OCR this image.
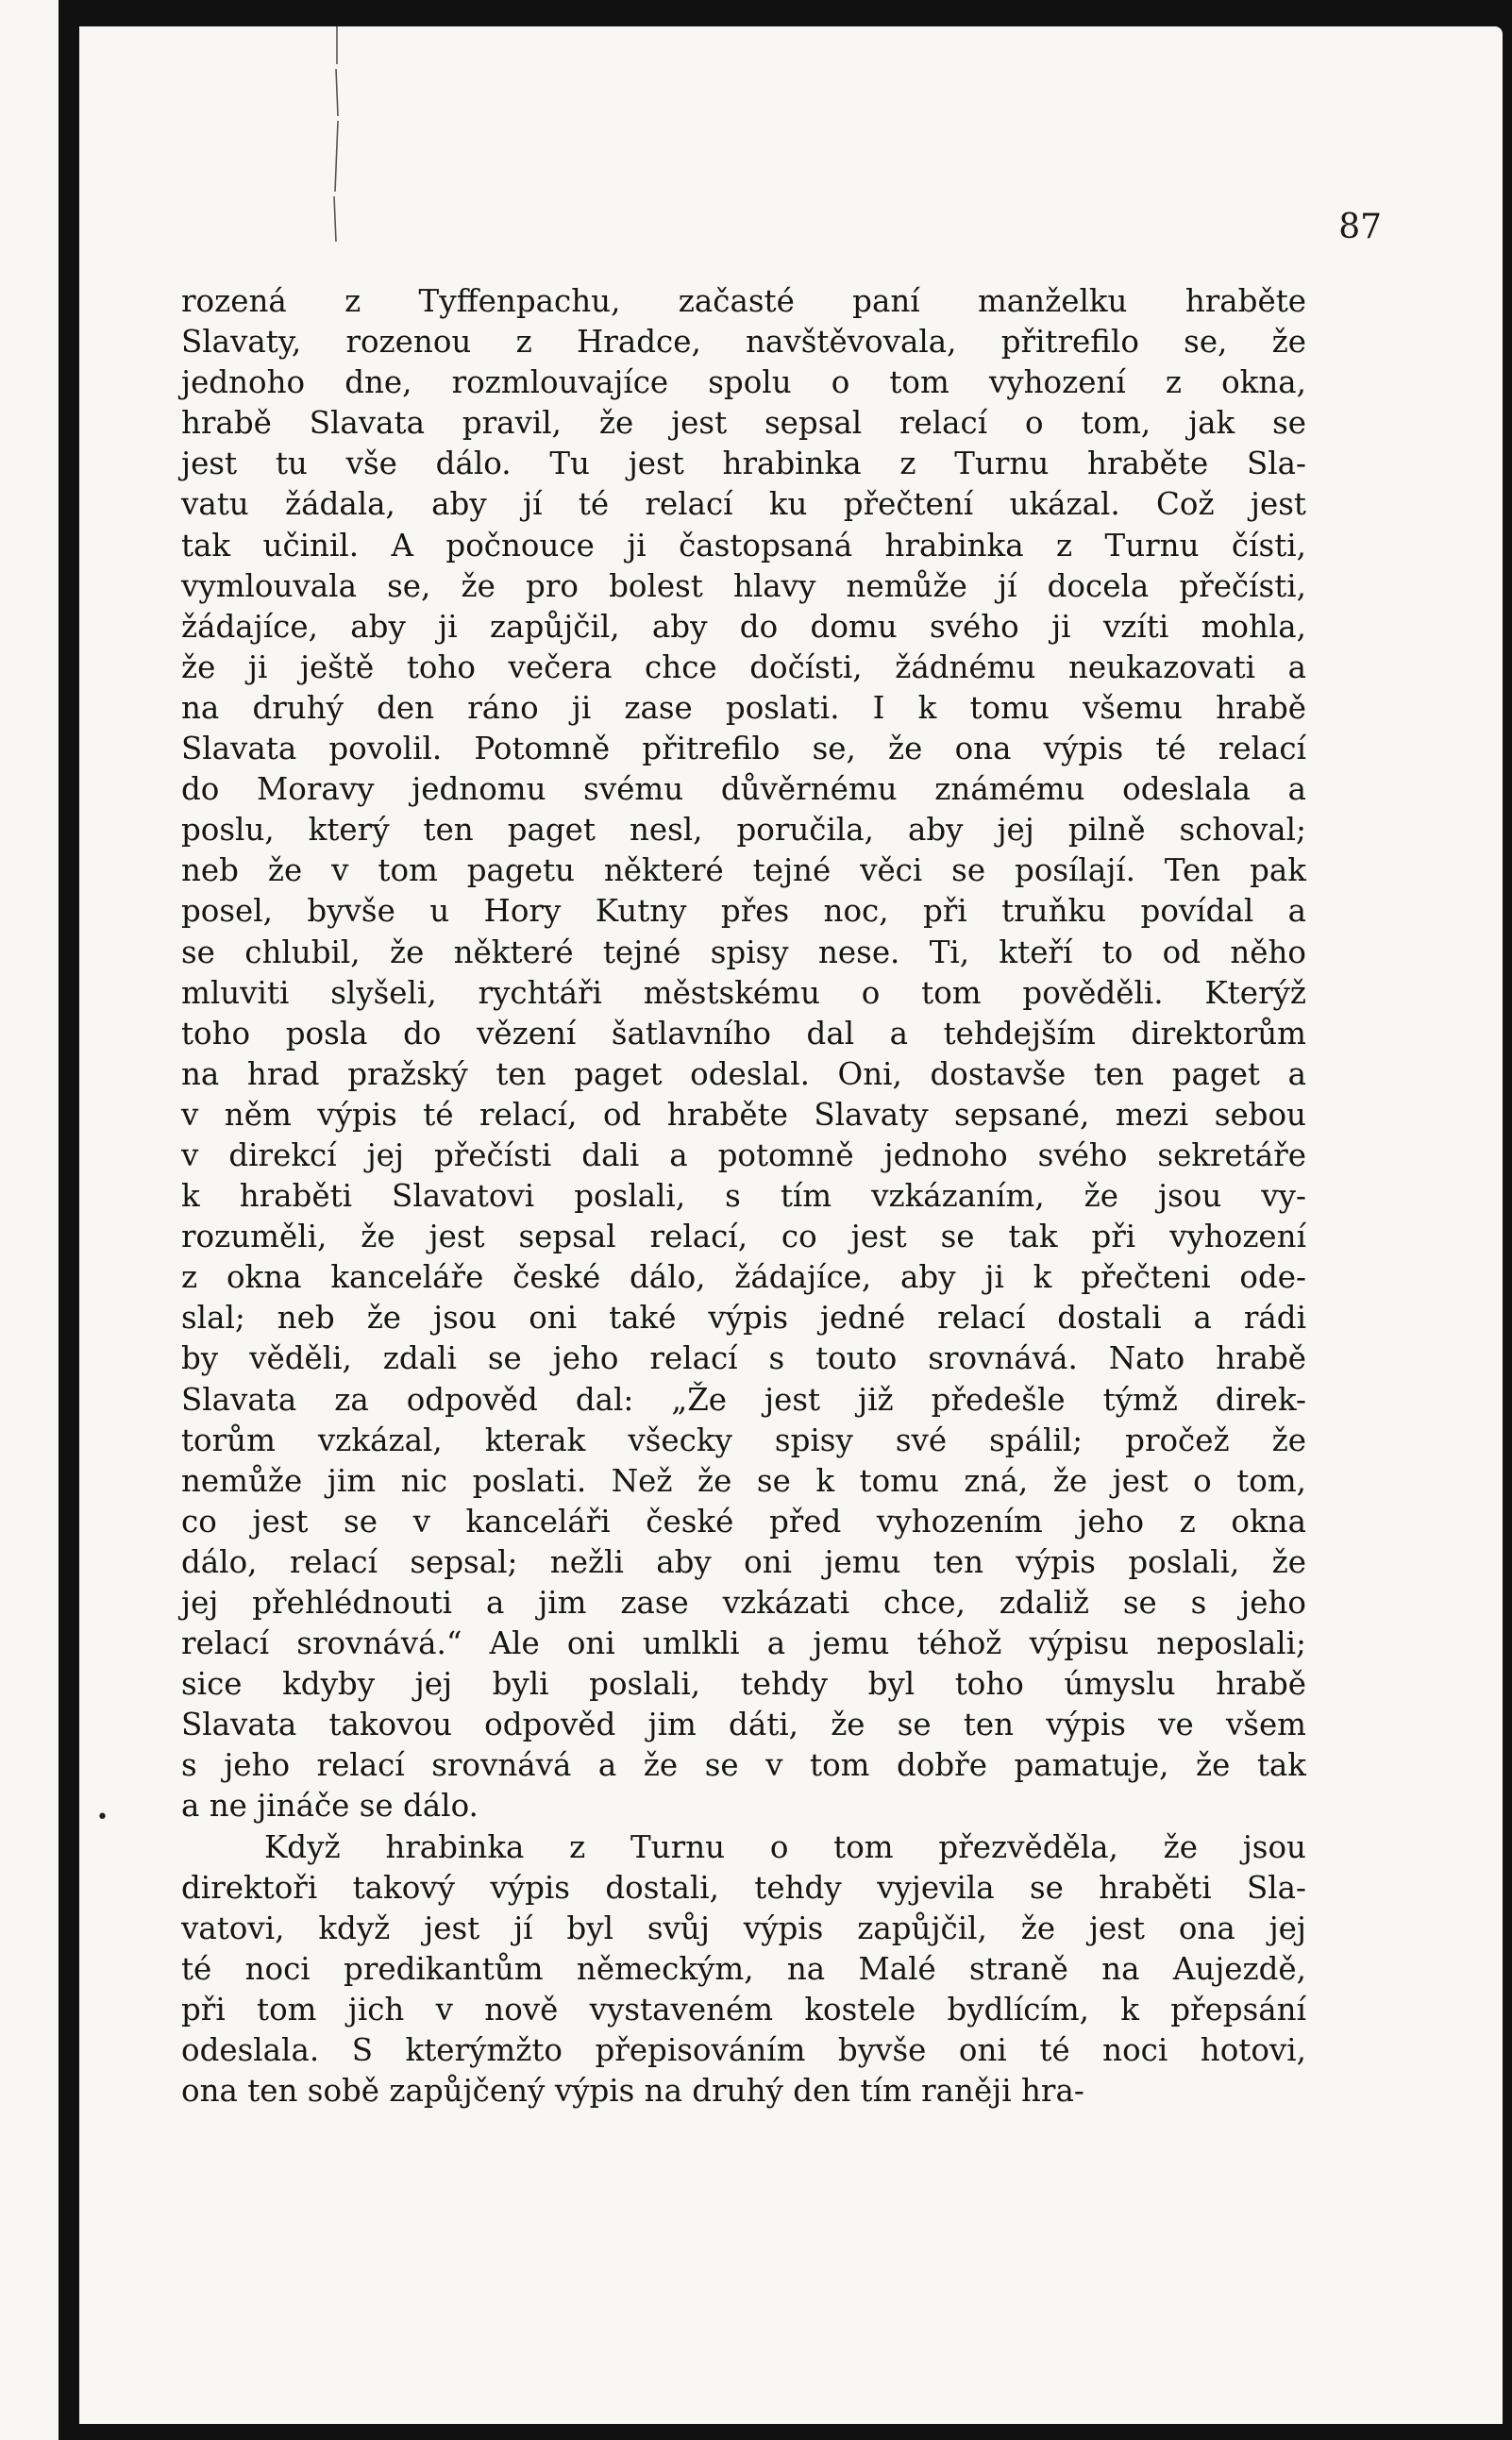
87
rozená z Tyffenpachu, začasté paní manželku hraběte
Slavaty, rozenou z Hradce, navštěvovala, přitrefilo se, že
jednoho dne, rozmlouvajíce spolu o tom vyhození z okna,
hrabě Slavata pravil, že jest sepsal relací o tom, jak se
jest tu vše dálo. Tu jest hrabinka z Turnu hraběte Sla-
vatu žádala, aby jí té relací ku přečtení ukázal. Což jest
tak učinil. A počnouce ji častopsaná hrabinka z Turnu čísti,
vymlouvala se, že pro bolest hlavy nemůže jí docela přečísti,
žádajíce, aby ji zapůjčil, aby do domu svého ji vzíti mohla,
že ji ještě toho večera chce dočísti, žádnému neukazovati a
na druhý den ráno ji zase poslati. I k tomu všemu hrabě
Slavata povolil. Potomně přitrefilo se, že ona výpis té relací
do Moravy jednomu svému důvěrnému známému odeslala a
poslu, který ten paget nesl, poručila, aby jej pilně schoval;
neb že v tom pagetu některé tejné věci se posílají. Ten pak
posel, byvše u Hory Kutny přes noc, při truňku povídal a
se chlubil, že některé tejné spisy nese. Ti, kteří to od něho
mluviti slyšeli, rychtáři městskému o tom pověděli. Kterýž
toho posla do vězení šatlavního dal a tehdejším direktorům
na hrad pražský ten paget odeslal. Oni, dostavše ten paget a
v něm výpis té relací, od hraběte Slavaty sepsané, mezi sebou
v direkcí jej přečísti dali a potomně jednoho svého sekretáře
k hraběti Slavatovi poslali, s tím vzkázaním, že jsou vy-
rozuměli, že jest sepsal relací, co jest se tak při vyhození
z okna kanceláře české dálo, žádajíce, aby ji k přečteni ode-
slal; neb že jsou oni také výpis jedné relací dostali a rádi
by věděli, zdali se jeho relací s touto srovnává. Nato hrabě
Slavata za odpověd dal: „Že jest již předešle týmž direk-
torům vzkázal, kterak všecky spisy své spálil; pročež že
nemůže jim nic poslati. Než že se k tomu zná, že jest o tom,
co jest se v kanceláři české před vyhozením jeho z okna
dálo, relací sepsal; nežli aby oni jemu ten výpis poslali, že
jej přehlédnouti a jim zase vzkázati chce, zdaliž se s jeho
relací srovnává.“ Ale oni umlkli a jemu téhož výpisu neposlali;
sice kdyby jej byli poslali, tehdy byl toho úmyslu hrabě
Slavata takovou odpověd jim dáti, že se ten výpis ve všem
s jeho relací srovnává a že se v tom dobře pamatuje, že tak
a ne jináče se dálo.
Když hrabinka z Turnu o tom přezvěděla, že jsou
direktoři takový výpis dostali, tehdy vyjevila se hraběti Sla-
vatovi, když jest jí byl svůj výpis zapůjčil, že jest ona jej
té noci predikantům německým, na Malé straně na Aujezdě,
při tom jich v nově vystaveném kostele bydlícím, k přepsání
odeslala. S kterýmžto přepisováním byvše oni té noci hotovi,
ona ten sobě zapůjčený výpis na druhý den tím raněji hra-
•
